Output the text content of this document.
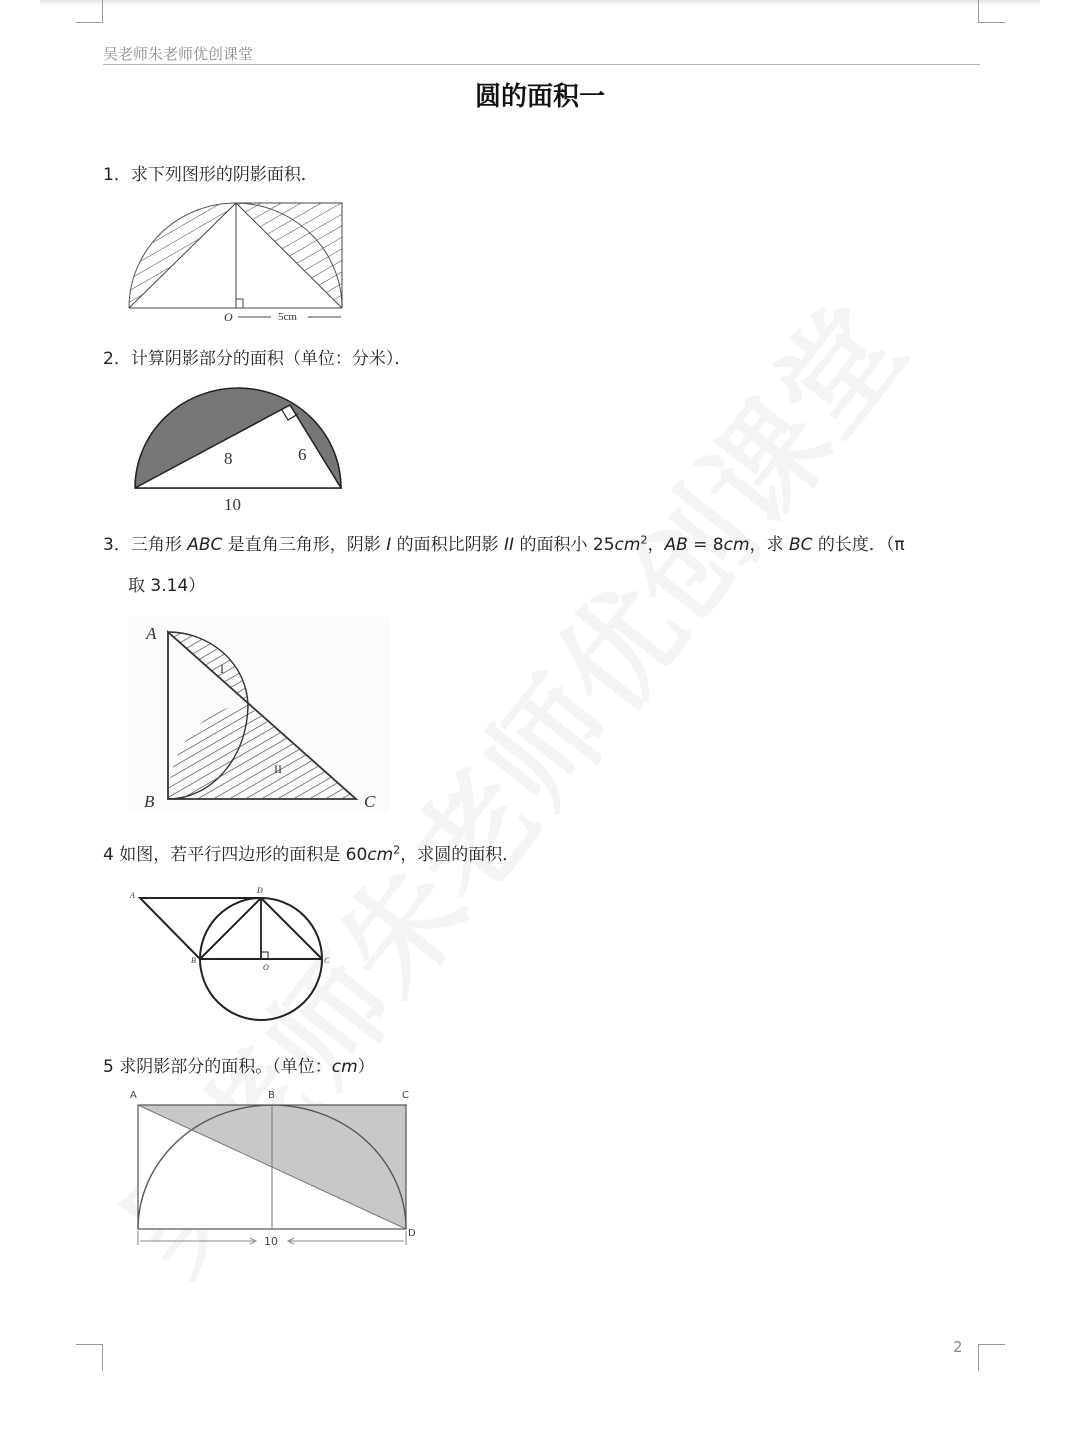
吴老师朱老师优创课堂
圆的面积一
1．求下列图形的阴影面积．
O	5cm
2．计算阴影部分的面积（单位：分米）．
8	6
10
3．三角形 ABC 是直角三角形，阴影 I 的面积比阴影 II 的面积小 $25cm^2$，AB = 8cm，求 BC 的长度．（π
取 3.14）
A
B	C
I
II
4 如图，若平行四边形的面积是 $60cm^2$，求圆的面积．
A
D
B	C
O
5 求阴影部分的面积。（单位：cm）
A	B	C
D
10
2
